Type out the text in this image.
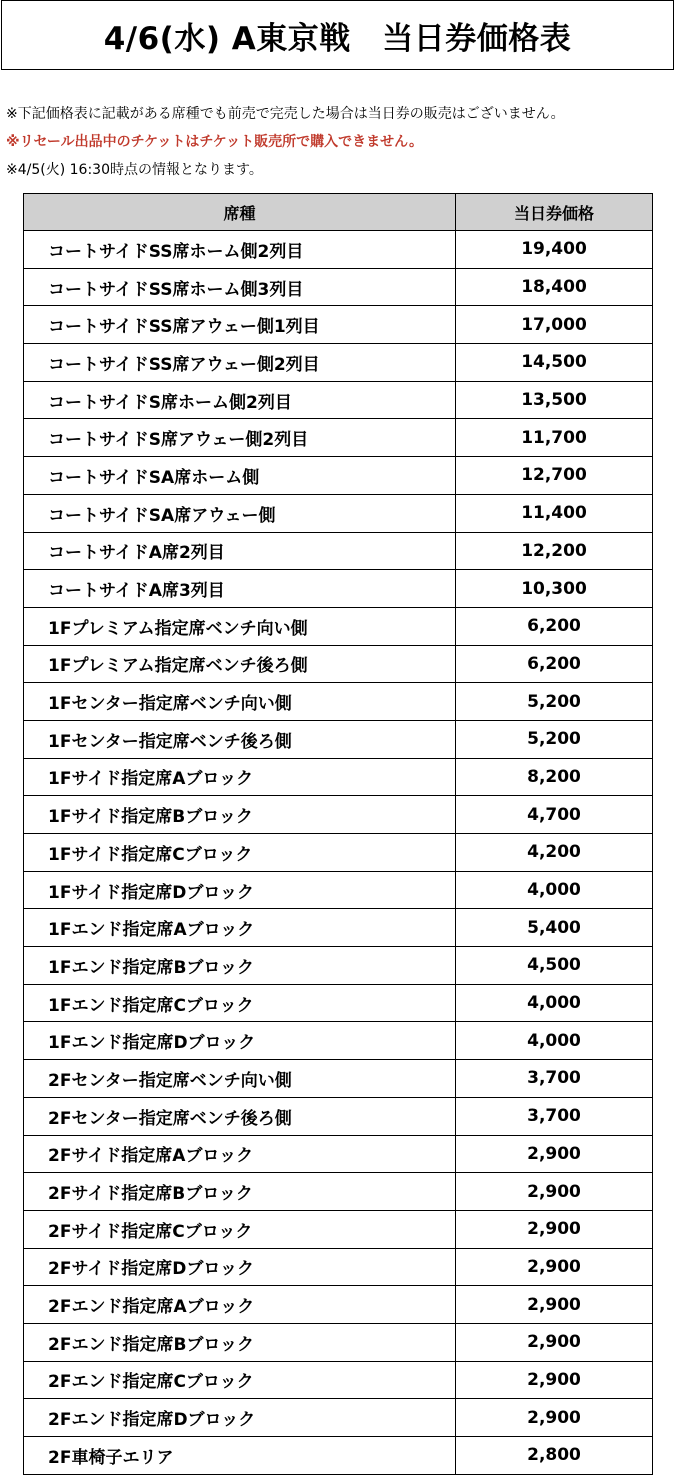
4/6(水) A東京戦　当日券価格表
※下記価格表に記載がある席種でも前売で完売した場合は当日券の販売はございません。
※リセール出品中のチケットはチケット販売所で購入できません。
※4/5(火) 16:30時点の情報となります。
席種	当日券価格
コートサイドSS席ホーム側2列目	19,400
コートサイドSS席ホーム側3列目	18,400
コートサイドSS席アウェー側1列目	17,000
コートサイドSS席アウェー側2列目	14,500
コートサイドS席ホーム側2列目	13,500
コートサイドS席アウェー側2列目	11,700
コートサイドSA席ホーム側	12,700
コートサイドSA席アウェー側	11,400
コートサイドA席2列目	12,200
コートサイドA席3列目	10,300
1Fプレミアム指定席ベンチ向い側	6,200
1Fプレミアム指定席ベンチ後ろ側	6,200
1Fセンター指定席ベンチ向い側	5,200
1Fセンター指定席ベンチ後ろ側	5,200
1Fサイド指定席Aブロック	8,200
1Fサイド指定席Bブロック	4,700
1Fサイド指定席Cブロック	4,200
1Fサイド指定席Dブロック	4,000
1Fエンド指定席Aブロック	5,400
1Fエンド指定席Bブロック	4,500
1Fエンド指定席Cブロック	4,000
1Fエンド指定席Dブロック	4,000
2Fセンター指定席ベンチ向い側	3,700
2Fセンター指定席ベンチ後ろ側	3,700
2Fサイド指定席Aブロック	2,900
2Fサイド指定席Bブロック	2,900
2Fサイド指定席Cブロック	2,900
2Fサイド指定席Dブロック	2,900
2Fエンド指定席Aブロック	2,900
2Fエンド指定席Bブロック	2,900
2Fエンド指定席Cブロック	2,900
2Fエンド指定席Dブロック	2,900
2F車椅子エリア	2,800
